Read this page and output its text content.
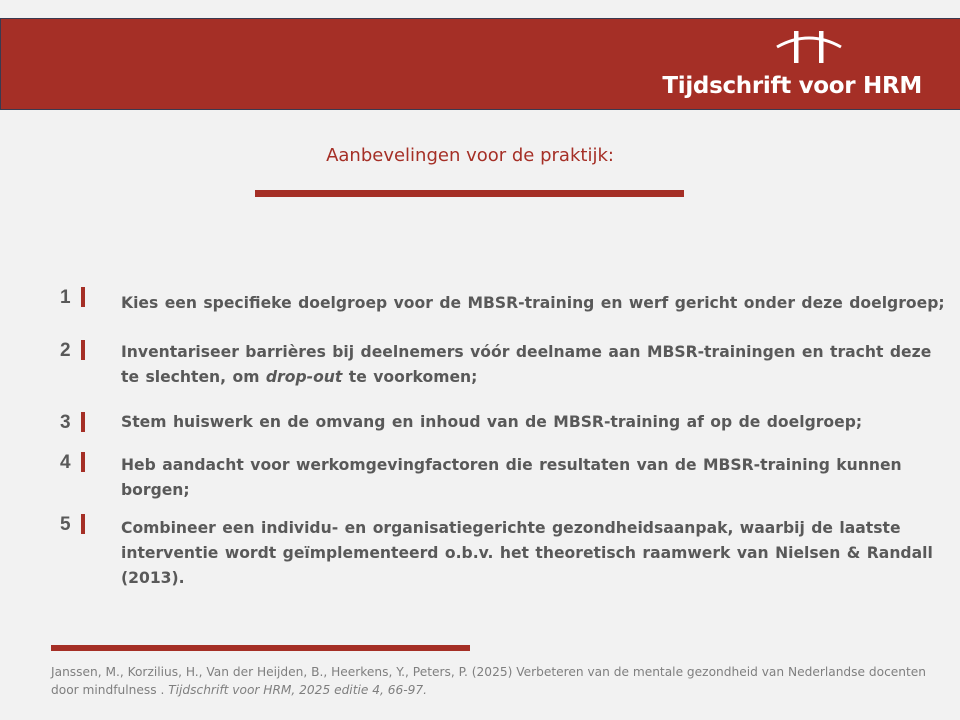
Tijdschrift voor HRM
Aanbevelingen voor de praktijk:
1	Kies een specifieke doelgroep voor de MBSR-training en werf gericht onder deze doelgroep;
2	Inventariseer barrières bij deelnemers vóór deelname aan MBSR-trainingen en tracht deze te slechten, om drop-out te voorkomen;
3	Stem huiswerk en de omvang en inhoud van de MBSR-training af op de doelgroep;
4	Heb aandacht voor werkomgevingfactoren die resultaten van de MBSR-training kunnen borgen;
5	Combineer een individu- en organisatiegerichte gezondheidsaanpak, waarbij de laatste interventie wordt geïmplementeerd o.b.v. het theoretisch raamwerk van Nielsen & Randall (2013).
Janssen, M., Korzilius, H., Van der Heijden, B., Heerkens, Y., Peters, P. (2025) Verbeteren van de mentale gezondheid van Nederlandse docenten door mindfulness . Tijdschrift voor HRM, 2025 editie 4, 66-97.
